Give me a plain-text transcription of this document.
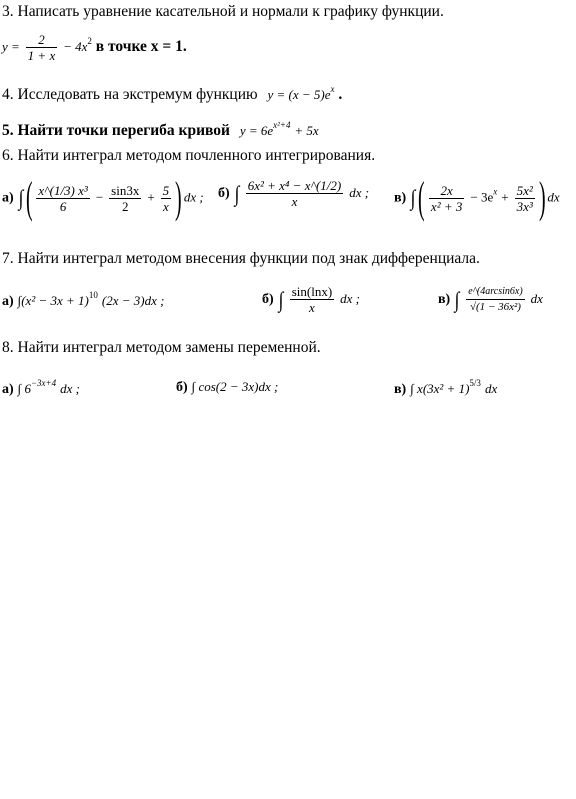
3. Написать уравнение касательной и нормали к графику функции.
$y = \frac{2}{1 + x} - 4x^2$ в точке х = 1.
4. Исследовать на экстремум функцию $y = (x - 5)e^x$ .
5. Найти точки перегиба кривой $y = 6e^{x^2+4} + 5x$
6. Найти интеграл методом почленного интегрирования.
а) ∫ ( $\frac{\text{x\textasciicircum{}(1/3) x³}}{6} - \frac{\sin 3x}{2} + \frac{5}{x}$ ) dx ; б) ∫ $\frac{\text{6x² + x⁴ − x\textasciicircum{}(1/2)}}{x}$ dx ; в) ∫ ( $\frac{2x}{\text{x² + 3}} - 3e^x + \frac{\text{5x²}}{\text{3x³}}$ ) dx
7. Найти интеграл методом внесения функции под знак дифференциала.
а) $\int(x^2 - 3x + 1)^{10}$ (2x − 3)dx ;	б) ∫ $\frac{\sin(\ln x)}{x}$ dx ;	в) ∫ $\frac{e\^{}(4\arcsin 6x)}{\text{√(1 − 36x²)}}$ dx
8. Найти интеграл методом замены переменной.
а) ∫ $6^{-3x+4}$ dx ;	б) ∫ cos(2 − 3x)dx ;	в) ∫ $x(3x^2 + 1)^{5/3}$ dx
